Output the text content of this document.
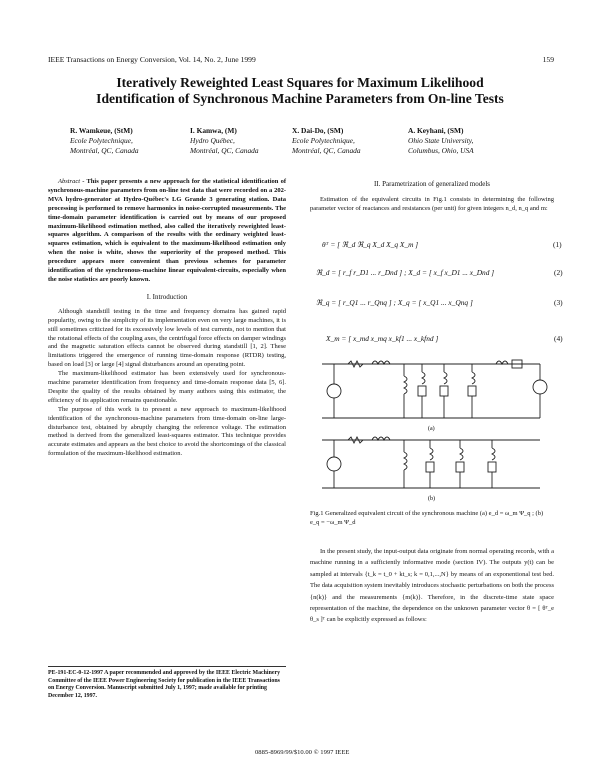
IEEE Transactions on Energy Conversion, Vol. 14, No. 2, June 1999	159
Iteratively Reweighted Least Squares for Maximum Likelihood
Identification of Synchronous Machine Parameters from On-line Tests
R. Wamkeue, (StM)
Ecole Polytechnique,
Montréal, QC, Canada
I. Kamwa, (M)
Hydro Québec,
Montréal, QC, Canada
X. Dai-Do, (SM)
Ecole Polytechnique,
Montréal, QC, Canada
A. Keyhani, (SM)
Ohio State University,
Columbus, Ohio, USA

Abstract - This paper presents a new approach for the statistical identification of synchronous-machine parameters from on-line test data that were recorded on a 202-MVA hydro-generator at Hydro-Québec's LG Grande 3 generating station. Data processing is performed to remove harmonics in noise-corrupted measurements. The time-domain parameter identification is carried out by means of our proposed maximum-likelihood estimation method, also called the iteratively reweighted least-squares algorithm. A comparison of the results with the ordinary weighted least-squares estimation, which is equivalent to the maximum-likelihood estimation only when the noise is white, shows the superiority of the proposed method. This procedure appears more convenient than previous schemes for parameter identification of the synchronous-machine linear equivalent-circuits, especially when the noise statistics are poorly known.

I. Introduction

Although standstill testing in the time and frequency domains has gained rapid popularity, owing to the simplicity of its implementation even on very large machines, it is still sometimes criticized for its excessively low levels of test currents, not to mention that the rotational effects of the coupling axes, the centrifugal force effects on damper windings and the magnetic saturation effects cannot be observed during standstill [1, 2]. These limitations triggered the emergence of running time-domain response (RTDR) testing, based on load [3] or large [4] signal disturbances around an operating point.

The maximum-likelihood estimator has been extensively used for synchronous-machine parameter identification from frequency and time-domain response data [5, 6]. Despite the quality of the results obtained by many authors using this estimator, the efficiency of its application remains questionable.

The purpose of this work is to present a new approach to maximum-likelihood identification of the synchronous-machine parameters from time-domain on-line large-disturbance test, obtained by abruptly changing the reference voltage. The estimation method is derived from the generalized least-squares estimator. This technique provides accurate estimates and appears as the best choice to avoid the shortcomings of the classical formulation of the maximum-likelihood estimation.

PE-191-EC-0-12-1997 A paper recommended and approved by the IEEE Electric Machinery Committee of the IEEE Power Engineering Society for publication in the IEEE Transactions on Energy Conversion. Manuscript submitted July 1, 1997; made available for printing December 12, 1997.
II. Parametrization of generalized models

Estimation of the equivalent circuits in Fig.1 consists in determining the following parameter vector of reactances and resistances (per unit) for given integers n_d, n_q and m:

θᵀ = [ ℜ_d ℜ_q X_d X_q X_m ]	(1)
ℜ_d = [ r_f r_D1 ... r_Dnd ] ; X_d = [ x_f x_D1 ... x_Dnd ]	(2)
ℜ_q = [ r_Q1 ... r_Qnq ] ; X_q = [ x_Q1 ... x_Qnq ]	(3)
X_m = [ x_md x_mq x_kf1 ... x_kfnd ]	(4)
(a)
(b)
Fig.1 Generalized equivalent circuit of the synchronous machine (a) e_d = ω_m Ψ_q ; (b) e_q = −ω_m Ψ_d

In the present study, the input-output data originate from normal operating records, with a machine running in a sufficiently informative mode (section IV). The outputs y(t) can be sampled at intervals {t_k = t_0 + kt_s; k = 0,1,...,N} by means of an exponentional test bed. The data acquisition system inevitably introduces stochastic perturbations on both the process {n(k)} and the measurements {m(k)}. Therefore, in the discrete-time state space representation of the machine, the dependence on the unknown parameter vector θ = [ θᵀ_e θ_s ]ᵀ can be explicitly expressed as follows:

0885-8969/99/$10.00 © 1997 IEEE
